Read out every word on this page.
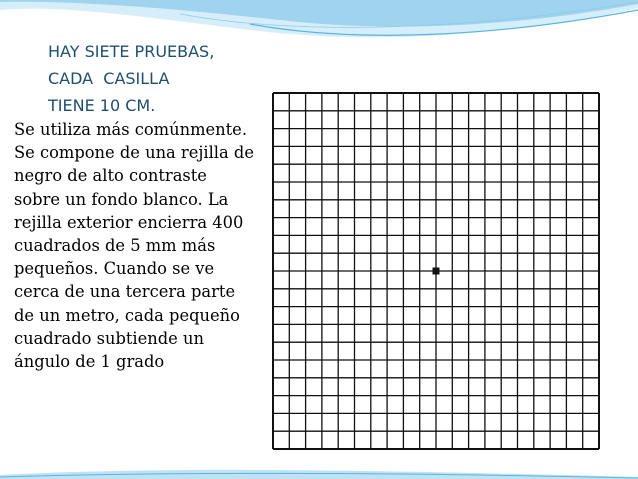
HAY SIETE PRUEBAS,
CADA  CASILLA
TIENE 10 CM.

Se utiliza más comúnmente. Se compone de una rejilla de negro de alto contraste sobre un fondo blanco. La rejilla exterior encierra 400 cuadrados de 5 mm más pequeños. Cuando se ve cerca de una tercera parte de un metro, cada pequeño cuadrado subtiende un ángulo de 1 grado
